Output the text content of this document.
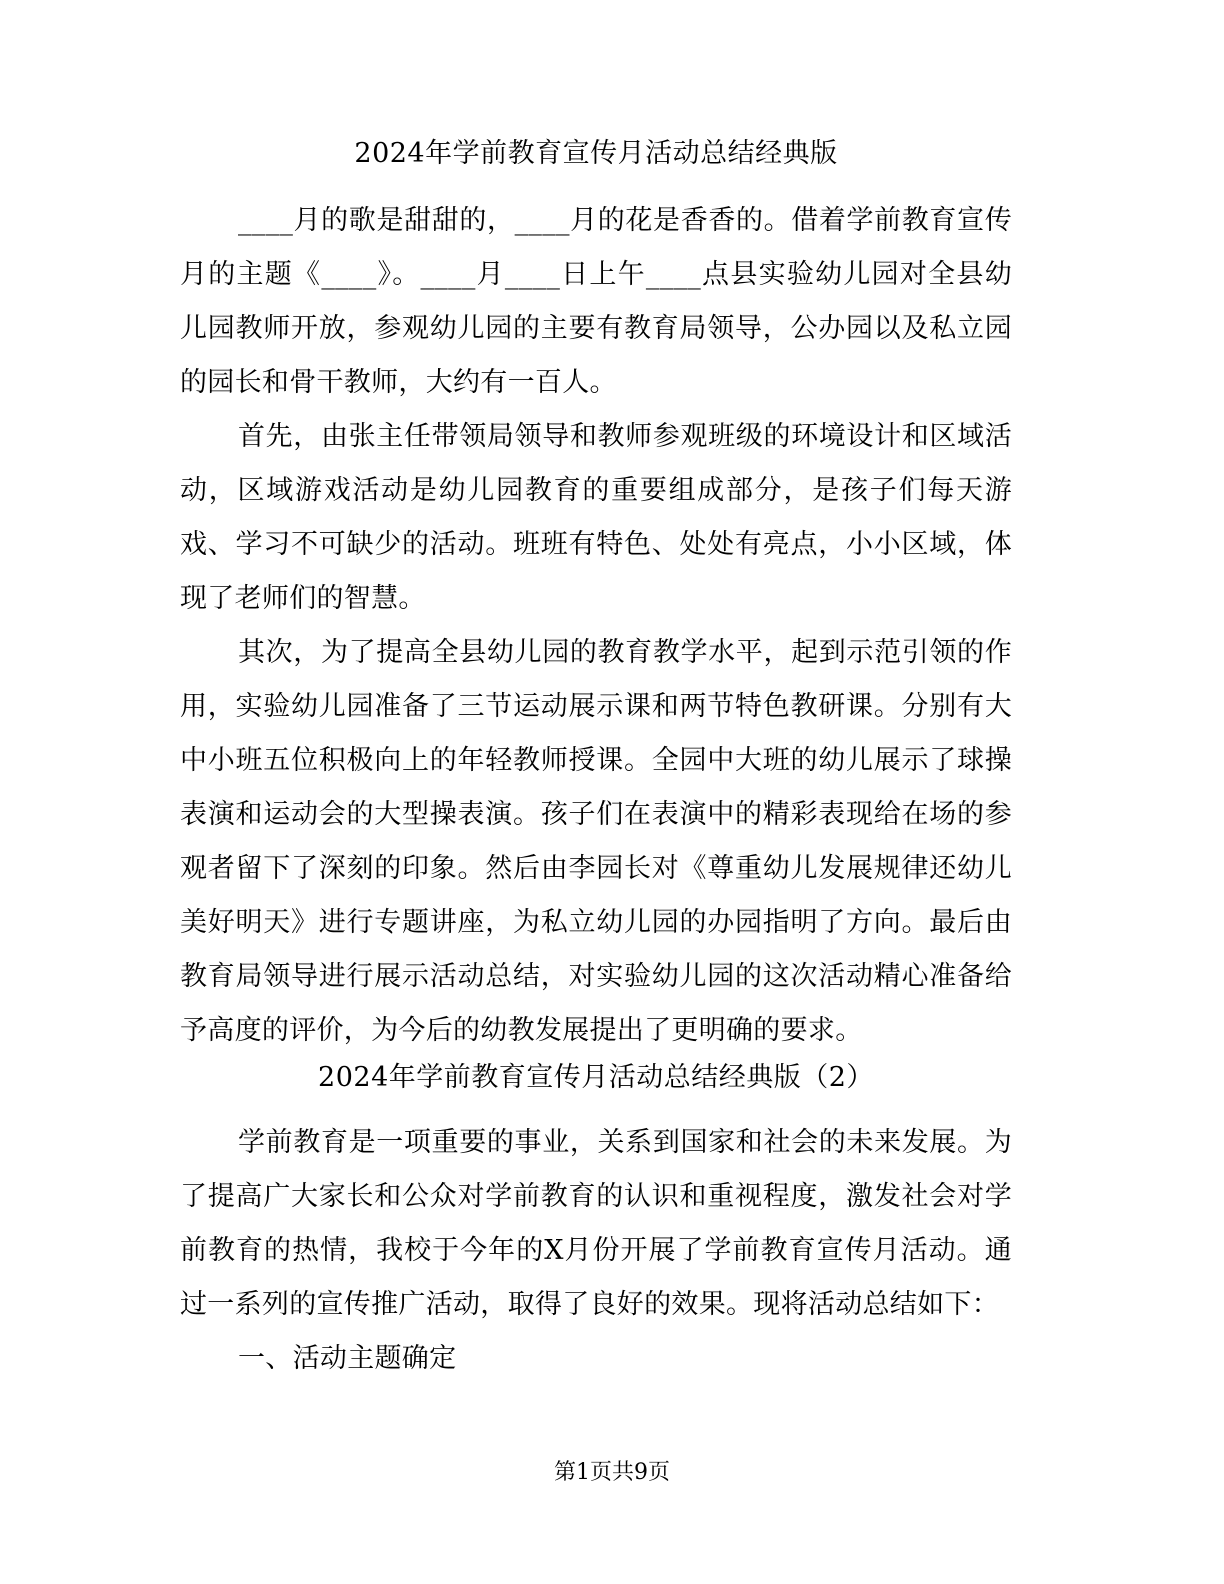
2024年学前教育宣传月活动总结经典版

____月的歌是甜甜的，____月的花是香香的。借着学前教育宣传月的主题《____》。____月____日上午____点县实验幼儿园对全县幼儿园教师开放，参观幼儿园的主要有教育局领导，公办园以及私立园的园长和骨干教师，大约有一百人。

首先，由张主任带领局领导和教师参观班级的环境设计和区域活动，区域游戏活动是幼儿园教育的重要组成部分，是孩子们每天游戏、学习不可缺少的活动。班班有特色、处处有亮点，小小区域，体现了老师们的智慧。

其次，为了提高全县幼儿园的教育教学水平，起到示范引领的作用，实验幼儿园准备了三节运动展示课和两节特色教研课。分别有大中小班五位积极向上的年轻教师授课。全园中大班的幼儿展示了球操表演和运动会的大型操表演。孩子们在表演中的精彩表现给在场的参观者留下了深刻的印象。然后由李园长对《尊重幼儿发展规律还幼儿美好明天》进行专题讲座，为私立幼儿园的办园指明了方向。最后由教育局领导进行展示活动总结，对实验幼儿园的这次活动精心准备给予高度的评价，为今后的幼教发展提出了更明确的要求。

2024年学前教育宣传月活动总结经典版（2）

学前教育是一项重要的事业，关系到国家和社会的未来发展。为了提高广大家长和公众对学前教育的认识和重视程度，激发社会对学前教育的热情，我校于今年的X月份开展了学前教育宣传月活动。通过一系列的宣传推广活动，取得了良好的效果。现将活动总结如下：

一、活动主题确定

第1页共9页
